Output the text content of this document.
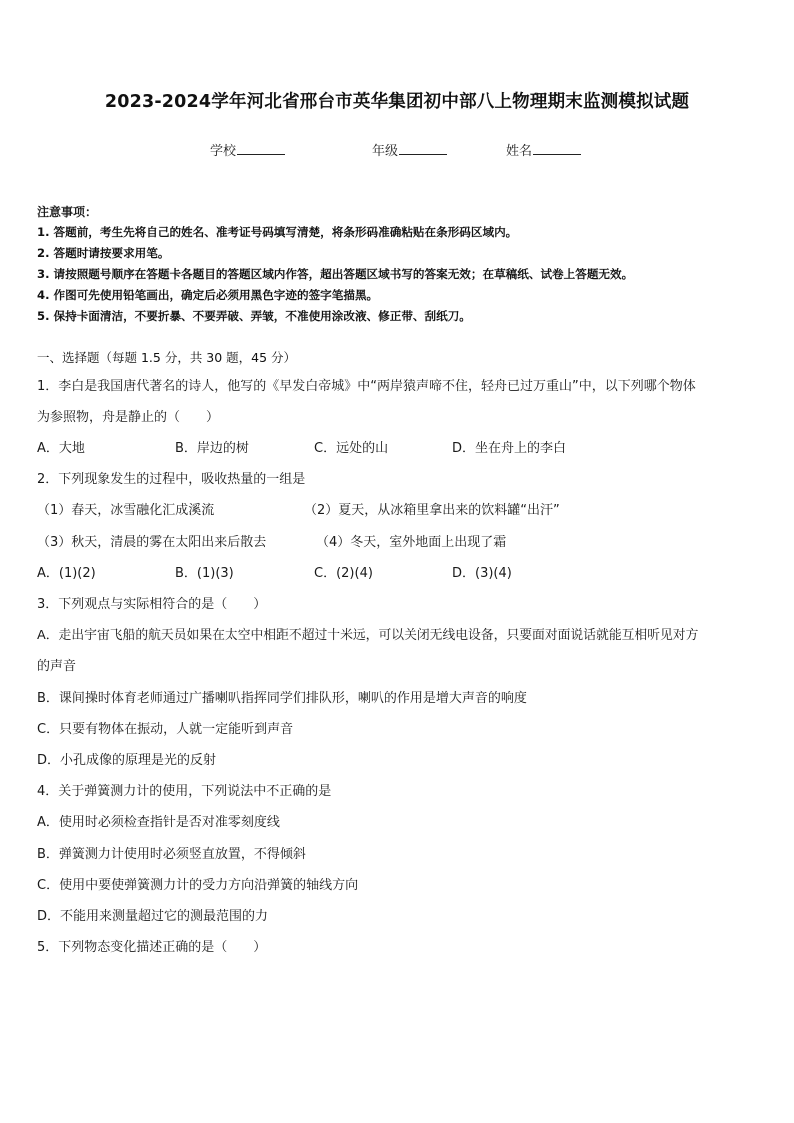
2023-2024学年河北省邢台市英华集团初中部八上物理期末监测模拟试题
学校	年级	姓名
注意事项：
1. 答题前，考生先将自己的姓名、准考证号码填写清楚，将条形码准确粘贴在条形码区域内。
2. 答题时请按要求用笔。
3. 请按照题号顺序在答题卡各题目的答题区域内作答，超出答题区域书写的答案无效；在草稿纸、试卷上答题无效。
4. 作图可先使用铅笔画出，确定后必须用黑色字迹的签字笔描黑。
5. 保持卡面清洁，不要折暴、不要弄破、弄皱，不准使用涂改液、修正带、刮纸刀。
一、选择题（每题 1.5 分，共 30 题，45 分）
1．李白是我国唐代著名的诗人，他写的《早发白帝城》中“两岸猿声啼不住，轻舟已过万重山”中，以下列哪个物体
为参照物，舟是静止的（　　）
A．大地	B．岸边的树	C．远处的山	D．坐在舟上的李白
2．下列现象发生的过程中，吸收热量的一组是
（1）春天，冰雪融化汇成溪流	（2）夏天，从冰箱里拿出来的饮料罐“出汗”
（3）秋天，清晨的雾在太阳出来后散去	（4）冬天，室外地面上出现了霜
A．(1)(2)	B．(1)(3)	C．(2)(4)	D．(3)(4)
3．下列观点与实际相符合的是（　　）
A．走出宇宙飞船的航天员如果在太空中相距不超过十米远，可以关闭无线电设备，只要面对面说话就能互相听见对方
的声音
B．课间操时体育老师通过广播喇叭指挥同学们排队形，喇叭的作用是增大声音的响度
C．只要有物体在振动，人就一定能听到声音
D．小孔成像的原理是光的反射
4．关于弹簧测力计的使用，下列说法中不正确的是
A．使用时必须检查指针是否对准零刻度线
B．弹簧测力计使用时必须竖直放置，不得倾斜
C．使用中要使弹簧测力计的受力方向沿弹簧的轴线方向
D．不能用来测量超过它的测最范围的力
5．下列物态变化描述正确的是（　　）
